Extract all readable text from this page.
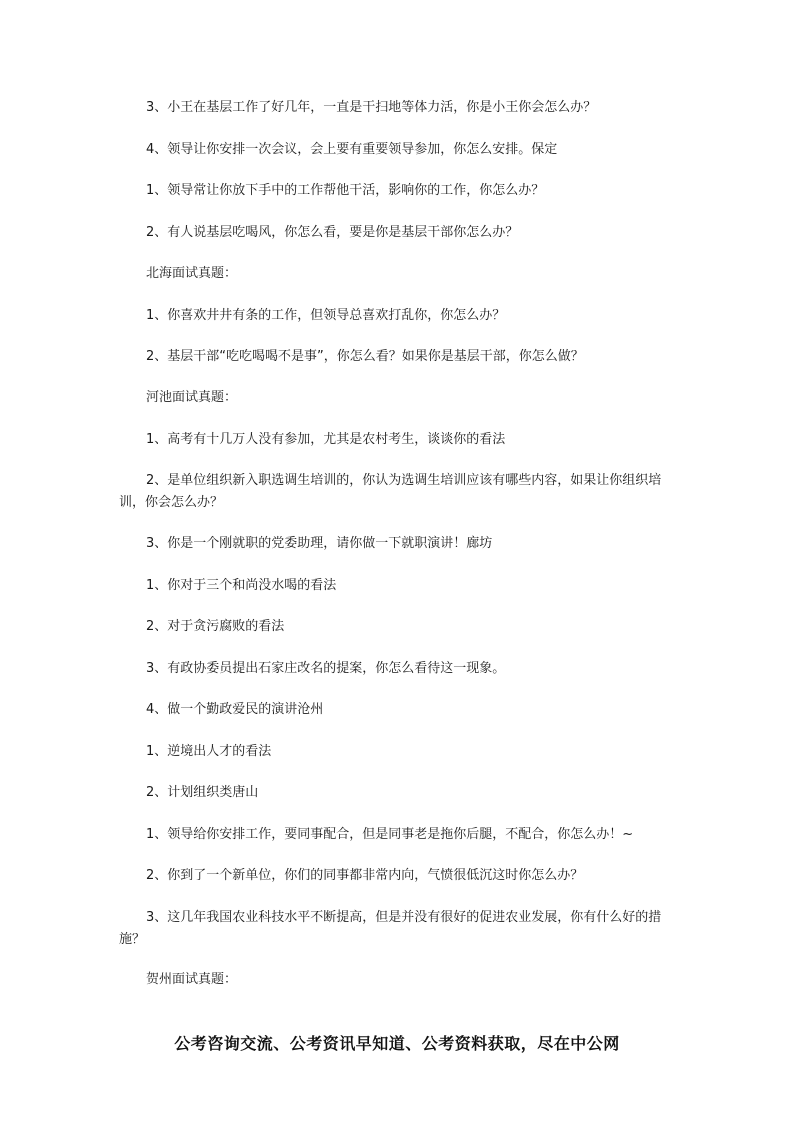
3、小王在基层工作了好几年，一直是干扫地等体力活，你是小王你会怎么办？
4、领导让你安排一次会议，会上要有重要领导参加，你怎么安排。保定
1、领导常让你放下手中的工作帮他干活，影响你的工作，你怎么办？
2、有人说基层吃喝风，你怎么看，要是你是基层干部你怎么办？
北海面试真题：
1、你喜欢井井有条的工作，但领导总喜欢打乱你，你怎么办？
2、基层干部“吃吃喝喝不是事”，你怎么看？如果你是基层干部，你怎么做？
河池面试真题：
1、高考有十几万人没有参加，尤其是农村考生，谈谈你的看法
2、是单位组织新入职选调生培训的，你认为选调生培训应该有哪些内容，如果让你组织培训，你会怎么办？
3、你是一个刚就职的党委助理，请你做一下就职演讲！廊坊
1、你对于三个和尚没水喝的看法
2、对于贪污腐败的看法
3、有政协委员提出石家庄改名的提案，你怎么看待这一现象。
4、做一个勤政爱民的演讲沧州
1、逆境出人才的看法
2、计划组织类唐山
1、领导给你安排工作，要同事配合，但是同事老是拖你后腿，不配合，你怎么办！~
2、你到了一个新单位，你们的同事都非常内向，气愤很低沉这时你怎么办？
3、这几年我国农业科技水平不断提高，但是并没有很好的促进农业发展，你有什么好的措施？
贺州面试真题：
公考咨询交流、公考资讯早知道、公考资料获取，尽在中公网
